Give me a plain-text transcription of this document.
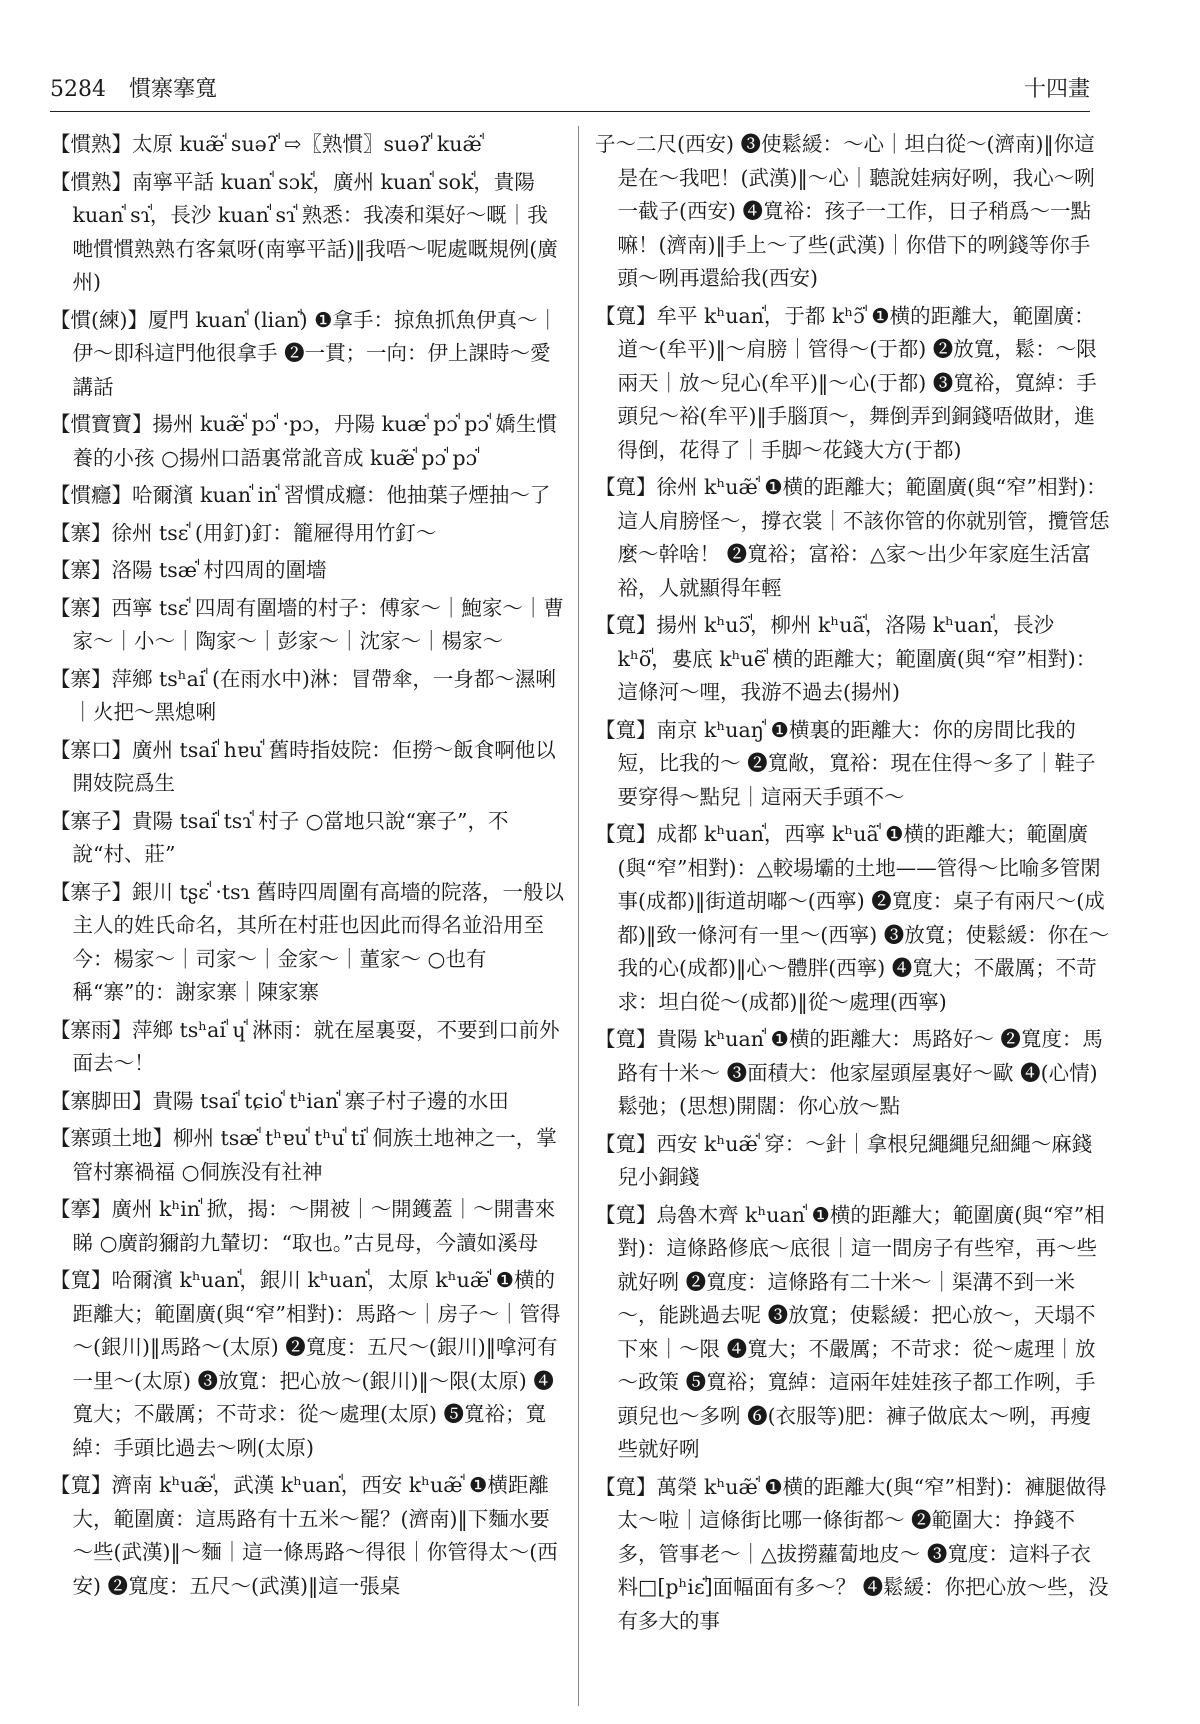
5284 慣寨搴寬	十四畫

【慣熟】太原 kuæ̃ꜗ suəʔꜗ ⇨〖熟慣〗suəʔꜗ kuæ̃ꜗ

【慣熟】南寧平話 kuanꜗ sɔkꜗ，廣州 kuanꜗ sokꜗ，貴陽 kuanꜗ sɿꜗ，長沙 kuanꜗ sɿꜗ 熟悉：我凑和渠好～嘅｜我哋慣慣熟熟冇客氣呀(南寧平話)‖我唔～呢處嘅規例(廣州)

【慣(練)】厦門 kuanꜗ (lianꜗ) ❶拿手：掠魚抓魚伊真～｜伊～即科這門他很拿手 ❷一貫；一向：伊上課時～愛講話

【慣寶寶】揚州 kuæ̃ꜗ pɔꜗ ·pɔ，丹陽 kuæꜗ pɔꜗ pɔꜗ 嬌生慣養的小孩 ○揚州口語裏常訛音成 kuæ̃ꜗ pɔꜗ pɔꜗ

【慣癮】哈爾濱 kuanꜗ inꜗ 習慣成癮：他抽葉子煙抽～了

【寨】徐州 tsɛꜗ (用釘)釘：籠屜得用竹釘～

【寨】洛陽 tsæꜗ 村四周的圍墻

【寨】西寧 tsɛꜗ 四周有圍墻的村子：傅家～｜鮑家～｜曹家～｜小～｜陶家～｜彭家～｜沈家～｜楊家～

【寨】萍鄉 tsʰaiꜗ (在雨水中)淋：冒帶傘，一身都～濕唎｜火把～黑熄唎

【寨口】廣州 tsaiꜗ hɐuꜗ 舊時指妓院：佢撈～飯食啊他以開妓院爲生

【寨子】貴陽 tsaiꜗ tsɿꜗ 村子 ○當地只說“寨子”，不說“村、莊”

【寨子】銀川 tʂɛꜗ ·tsɿ 舊時四周圍有高墻的院落，一般以主人的姓氏命名，其所在村莊也因此而得名並沿用至今：楊家～｜司家～｜金家～｜董家～ ○也有稱“寨”的：謝家寨｜陳家寨

【寨雨】萍鄉 tsʰaiꜗ ɥꜗ 淋雨：就在屋裏耍，不要到口前外面去～！

【寨脚田】貴陽 tsaiꜗ tɕioꜗ tʰianꜗ 寨子村子邊的水田

【寨頭土地】柳州 tsæꜗ tʰɐuꜗ tʰuꜗ tiꜗ 侗族土地神之一，掌管村寨禍福 ○侗族没有社神

【搴】廣州 kʰinꜗ 掀，揭：～開被｜～開鑊蓋｜～開書來睇 ○廣韵獮韵九輦切：“取也。”古見母，今讀如溪母

【寬】哈爾濱 kʰuanꜗ，銀川 kʰuanꜗ，太原 kʰuæ̃ꜗ ❶横的距離大；範圍廣(與“窄”相對)：馬路～｜房子～｜管得～(銀川)‖馬路～(太原) ❷寬度：五尺～(銀川)‖嗱河有一里～(太原) ❸放寬：把心放～(銀川)‖～限(太原) ❹寬大；不嚴厲；不苛求：從～處理(太原) ❺寬裕；寬綽：手頭比過去～咧(太原)

【寬】濟南 kʰuæ̃ꜗ，武漢 kʰuanꜗ，西安 kʰuæ̃ꜗ ❶横距離大，範圍廣：這馬路有十五米～罷？(濟南)‖下麵水要～些(武漢)‖～麵｜這一條馬路～得很｜你管得太～(西安) ❷寬度：五尺～(武漢)‖這一張桌

子～二尺(西安) ❸使鬆緩：～心｜坦白從～(濟南)‖你這是在～我吧！(武漢)‖～心｜聽說娃病好咧，我心～咧一截子(西安) ❹寬裕：孩子一工作，日子稍爲～一點嘛！(濟南)‖手上～了些(武漢)｜你借下的咧錢等你手頭～咧再還給我(西安)

【寬】牟平 kʰuanꜗ，于都 kʰɔ̃ꜗ ❶横的距離大，範圍廣：道～(牟平)‖～肩膀｜管得～(于都) ❷放寬，鬆：～限兩天｜放～兒心(牟平)‖～心(于都) ❸寬裕，寬綽：手頭兒～裕(牟平)‖手腦頂～，舞倒弄到銅錢唔做財，進得倒，花得了｜手脚～花錢大方(于都)

【寬】徐州 kʰuæ̃ꜗ ❶横的距離大；範圍廣(與“窄”相對)：這人肩膀怪～，撐衣裳｜不該你管的你就别管，攬管恁麼～幹啥！ ❷寬裕；富裕：△家～出少年家庭生活富裕，人就顯得年輕

【寬】揚州 kʰuɔ̃ꜗ，柳州 kʰuãꜗ，洛陽 kʰuanꜗ，長沙 kʰõꜗ，婁底 kʰuẽꜗ 横的距離大；範圍廣(與“窄”相對)：這條河～哩，我游不過去(揚州)

【寬】南京 kʰuaŋꜗ ❶横裏的距離大：你的房間比我的短，比我的～ ❷寬敞，寬裕：現在住得～多了｜鞋子要穿得～點兒｜這兩天手頭不～

【寬】成都 kʰuanꜗ，西寧 kʰuãꜗ ❶横的距離大；範圍廣(與“窄”相對)：△較場壩的土地——管得～比喻多管閑事(成都)‖街道胡嘟～(西寧) ❷寬度：桌子有兩尺～(成都)‖致一條河有一里～(西寧) ❸放寬；使鬆緩：你在～我的心(成都)‖心～體胖(西寧) ❹寬大；不嚴厲；不苛求：坦白從～(成都)‖從～處理(西寧)

【寬】貴陽 kʰuanꜗ ❶横的距離大：馬路好～ ❷寬度：馬路有十米～ ❸面積大：他家屋頭屋裏好～歐 ❹(心情)鬆弛；(思想)開闊：你心放～點

【寬】西安 kʰuæ̃ꜗ 穿：～針｜拿根兒繩繩兒細繩～麻錢兒小銅錢

【寬】烏魯木齊 kʰuanꜗ ❶横的距離大；範圍廣(與“窄”相對)：這條路修底～底很｜這一間房子有些窄，再～些就好咧 ❷寬度：這條路有二十米～｜渠溝不到一米～，能跳過去呢 ❸放寬；使鬆緩：把心放～，天塌不下來｜～限 ❹寬大；不嚴厲；不苛求：從～處理｜放～政策 ❺寬裕；寬綽：這兩年娃娃孩子都工作咧，手頭兒也～多咧 ❻(衣服等)肥：褲子做底太～咧，再瘦些就好咧

【寬】萬榮 kʰuæ̃ꜗ ❶横的距離大(與“窄”相對)：褲腿做得太～啦｜這條街比哪一條街都～ ❷範圍大：挣錢不多，管事老～｜△拔撈蘿蔔地皮～ ❸寬度：這料子衣料□[pʰiɛꜗ]面幅面有多～？ ❹鬆緩：你把心放～些，没有多大的事
